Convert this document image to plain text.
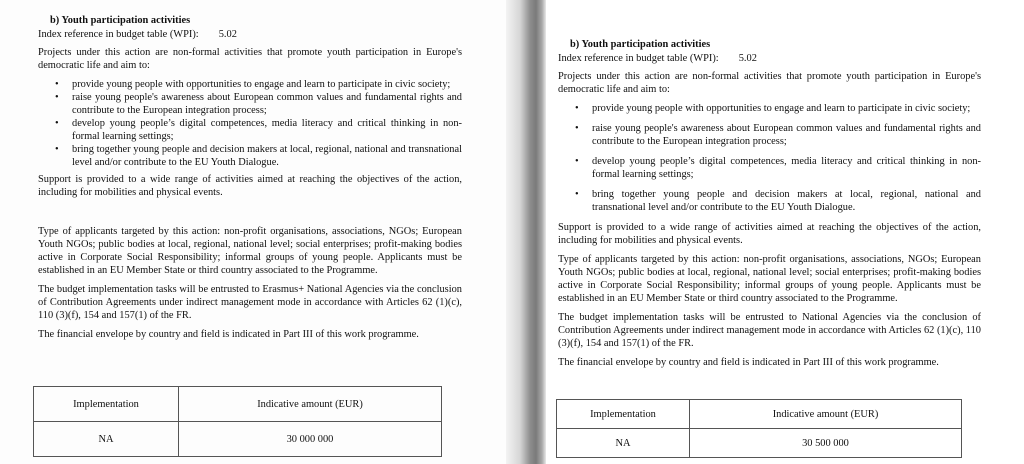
b) Youth participation activities
Index reference in budget table (WPI): 5.02

Projects under this action are non-formal activities that promote youth participation in Europe's democratic life and aim to:

• provide young people with opportunities to engage and learn to participate in civic society;
• raise young people's awareness about European common values and fundamental rights and contribute to the European integration process;
• develop young people’s digital competences, media literacy and critical thinking in non-formal learning settings;
• bring together young people and decision makers at local, regional, national and transnational level and/or contribute to the EU Youth Dialogue.

Support is provided to a wide range of activities aimed at reaching the objectives of the action, including for mobilities and physical events.

Type of applicants targeted by this action: non-profit organisations, associations, NGOs; European Youth NGOs; public bodies at local, regional, national level; social enterprises; profit-making bodies active in Corporate Social Responsibility; informal groups of young people. Applicants must be established in an EU Member State or third country associated to the Programme.

The budget implementation tasks will be entrusted to Erasmus+ National Agencies via the conclusion of Contribution Agreements under indirect management mode in accordance with Articles 62 (1)(c), 110 (3)(f), 154 and 157(1) of the FR.

The financial envelope by country and field is indicated in Part III of this work programme.

Implementation	Indicative amount (EUR)
NA	30 000 000
b) Youth participation activities
Index reference in budget table (WPI): 5.02

Projects under this action are non-formal activities that promote youth participation in Europe's democratic life and aim to:

• provide young people with opportunities to engage and learn to participate in civic society;
• raise young people's awareness about European common values and fundamental rights and contribute to the European integration process;
• develop young people’s digital competences, media literacy and critical thinking in non-formal learning settings;
• bring together young people and decision makers at local, regional, national and transnational level and/or contribute to the EU Youth Dialogue.

Support is provided to a wide range of activities aimed at reaching the objectives of the action, including for mobilities and physical events.

Type of applicants targeted by this action: non-profit organisations, associations, NGOs; European Youth NGOs; public bodies at local, regional, national level; social enterprises; profit-making bodies active in Corporate Social Responsibility; informal groups of young people. Applicants must be established in an EU Member State or third country associated to the Programme.

The budget implementation tasks will be entrusted to National Agencies via the conclusion of Contribution Agreements under indirect management mode in accordance with Articles 62 (1)(c), 110 (3)(f), 154 and 157(1) of the FR.

The financial envelope by country and field is indicated in Part III of this work programme.

Implementation	Indicative amount (EUR)
NA	30 500 000
